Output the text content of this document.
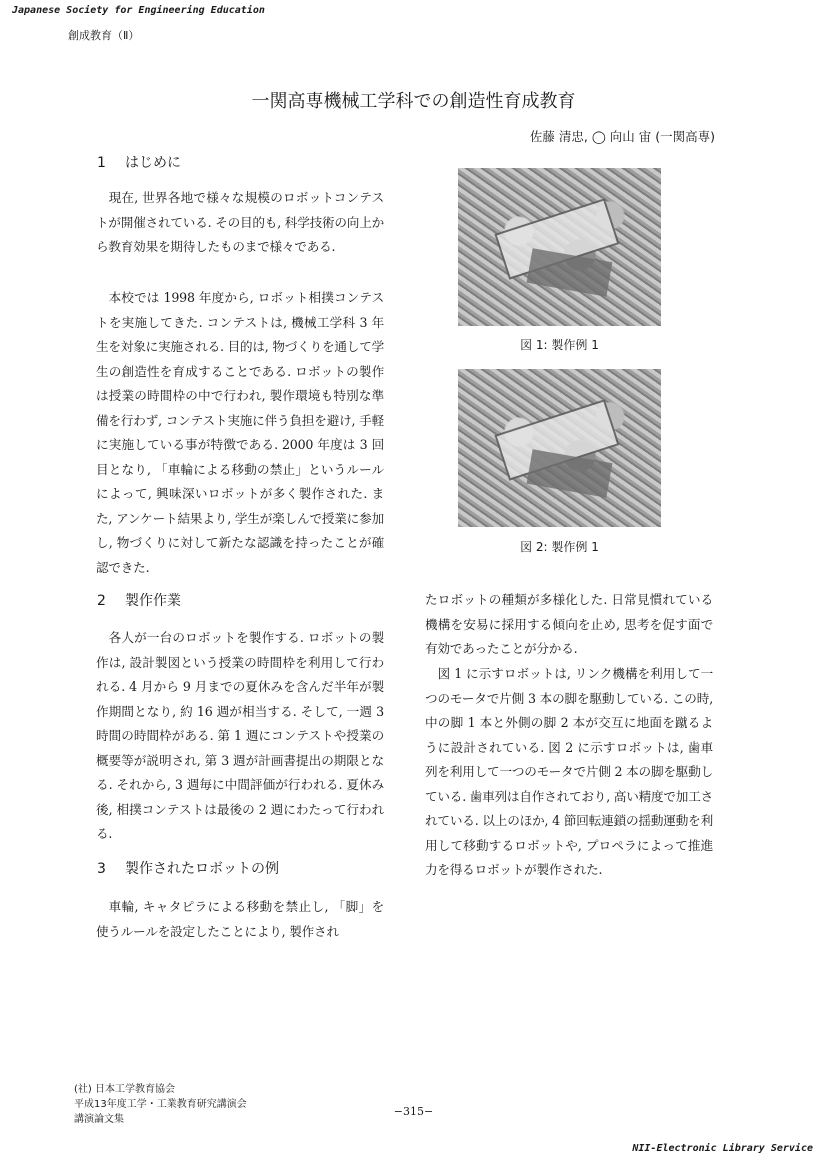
Japanese Society for Engineering Education
創成教育（Ⅱ）
一関高専機械工学科での創造性育成教育
佐藤 清忠, ◯ 向山 宙 (一関高専)
1 はじめに

現在, 世界各地で様々な規模のロボットコンテストが開催されている. その目的も, 科学技術の向上から教育効果を期待したものまで様々である.

本校では 1998 年度から, ロボット相撲コンテストを実施してきた. コンテストは, 機械工学科 3 年生を対象に実施される. 目的は, 物づくりを通して学生の創造性を育成することである. ロボットの製作は授業の時間枠の中で行われ, 製作環境も特別な準備を行わず, コンテスト実施に伴う負担を避け, 手軽に実施している事が特徴である. 2000 年度は 3 回目となり, 「車輪による移動の禁止」というルールによって, 興味深いロボットが多く製作された. また, アンケート結果より, 学生が楽しんで授業に参加し, 物づくりに対して新たな認識を持ったことが確認できた.

2 製作作業

各人が一台のロボットを製作する. ロボットの製作は, 設計製図という授業の時間枠を利用して行われる. 4 月から 9 月までの夏休みを含んだ半年が製作期間となり, 約 16 週が相当する. そして, 一週 3 時間の時間枠がある. 第 1 週にコンテストや授業の概要等が説明され, 第 3 週が計画書提出の期限となる. それから, 3 週毎に中間評価が行われる. 夏休み後, 相撲コンテストは最後の 2 週にわたって行われる.

3 製作されたロボットの例

車輪, キャタピラによる移動を禁止し, 「脚」を使うルールを設定したことにより, 製作され

図 1: 製作例 1
図 2: 製作例 1

たロボットの種類が多様化した. 日常見慣れている機構を安易に採用する傾向を止め, 思考を促す面で有効であったことが分かる.

図 1 に示すロボットは, リンク機構を利用して一つのモータで片側 3 本の脚を駆動している. この時, 中の脚 1 本と外側の脚 2 本が交互に地面を蹴るように設計されている. 図 2 に示すロボットは, 歯車列を利用して一つのモータで片側 2 本の脚を駆動している. 歯車列は自作されており, 高い精度で加工されている. 以上のほか, 4 節回転連鎖の揺動運動を利用して移動するロボットや, プロペラによって推進力を得るロボットが製作された.

(社) 日本工学教育協会
平成13年度工学・工業教育研究講演会
講演論文集
−315−
NII-Electronic Library Service
